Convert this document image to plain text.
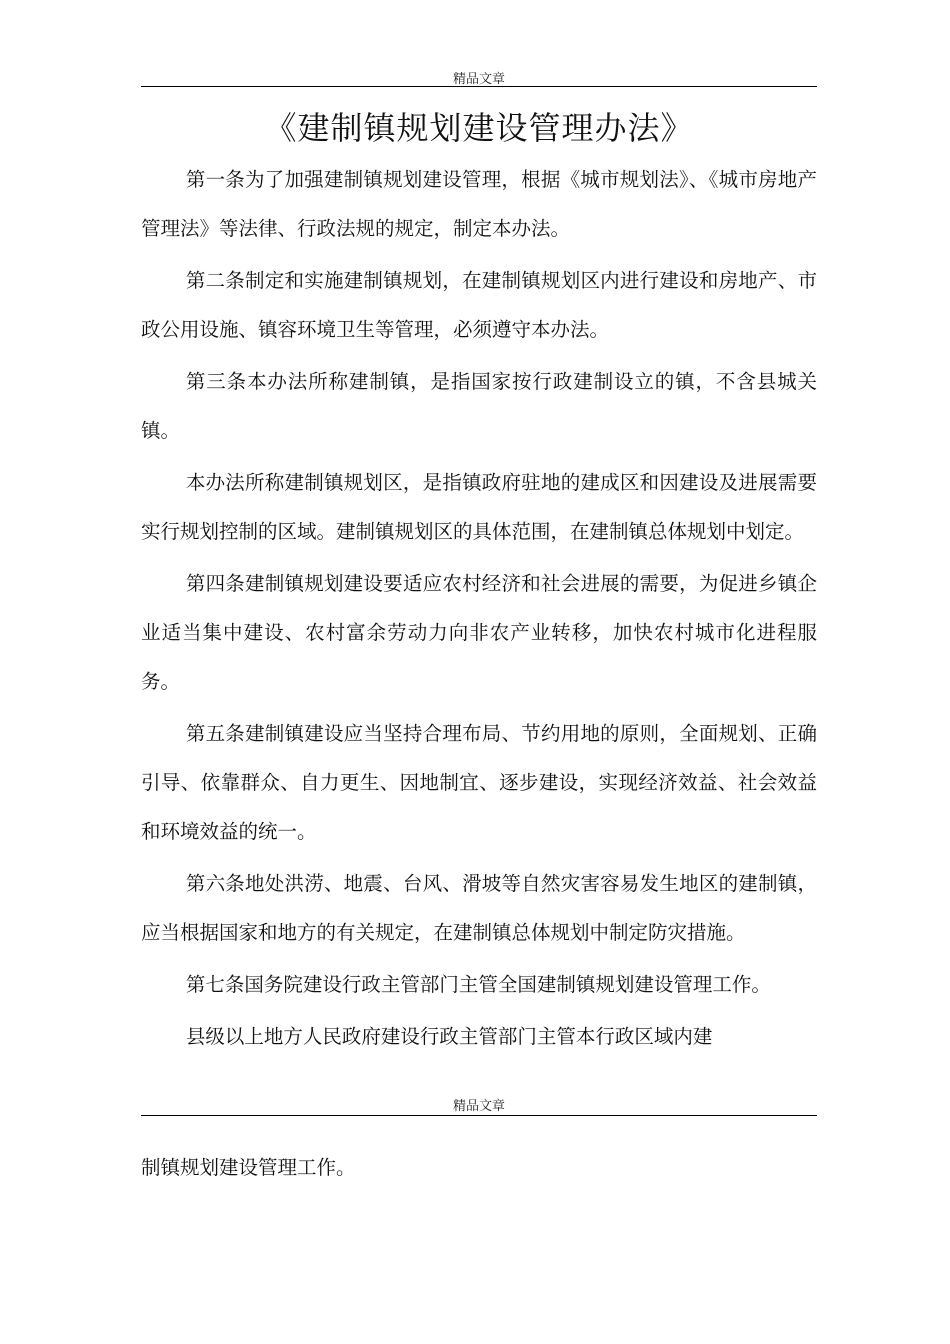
精品文章
《建制镇规划建设管理办法》

第一条为了加强建制镇规划建设管理，根据《城市规划法》、《城市房地产管理法》等法律、行政法规的规定，制定本办法。

第二条制定和实施建制镇规划，在建制镇规划区内进行建设和房地产、市政公用设施、镇容环境卫生等管理，必须遵守本办法。

第三条本办法所称建制镇，是指国家按行政建制设立的镇，不含县城关镇。

本办法所称建制镇规划区，是指镇政府驻地的建成区和因建设及进展需要实行规划控制的区域。建制镇规划区的具体范围，在建制镇总体规划中划定。

第四条建制镇规划建设要适应农村经济和社会进展的需要，为促进乡镇企业适当集中建设、农村富余劳动力向非农产业转移，加快农村城市化进程服务。

第五条建制镇建设应当坚持合理布局、节约用地的原则，全面规划、正确引导、依靠群众、自力更生、因地制宜、逐步建设，实现经济效益、社会效益和环境效益的统一。

第六条地处洪涝、地震、台风、滑坡等自然灾害容易发生地区的建制镇，应当根据国家和地方的有关规定，在建制镇总体规划中制定防灾措施。

第七条国务院建设行政主管部门主管全国建制镇规划建设管理工作。

县级以上地方人民政府建设行政主管部门主管本行政区域内建

精品文章

制镇规划建设管理工作。
